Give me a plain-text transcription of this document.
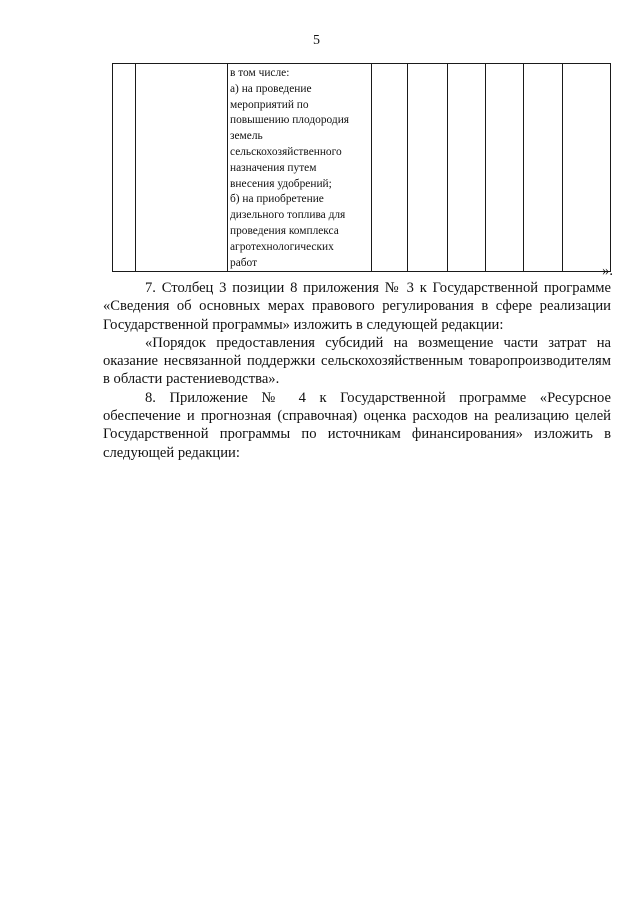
5

в том числе:
а) на проведение
мероприятий по
повышению плодородия
земель
сельскохозяйственного
назначения путем
внесения удобрений;
б) на приобретение
дизельного топлива для
проведения комплекса
агротехнологических
работ

».

7. Столбец 3 позиции 8 приложения № 3 к Государственной программе «Сведения об основных мерах правового регулирования в сфере реализации Государственной программы» изложить в следующей редакции:

«Порядок предоставления субсидий на возмещение части затрат на оказание несвязанной поддержки сельскохозяйственным товаропроизводителям в области растениеводства».

8. Приложение № 4 к Государственной программе «Ресурсное обеспечение и прогнозная (справочная) оценка расходов на реализацию целей Государственной программы по источникам финансирования» изложить в следующей редакции:
